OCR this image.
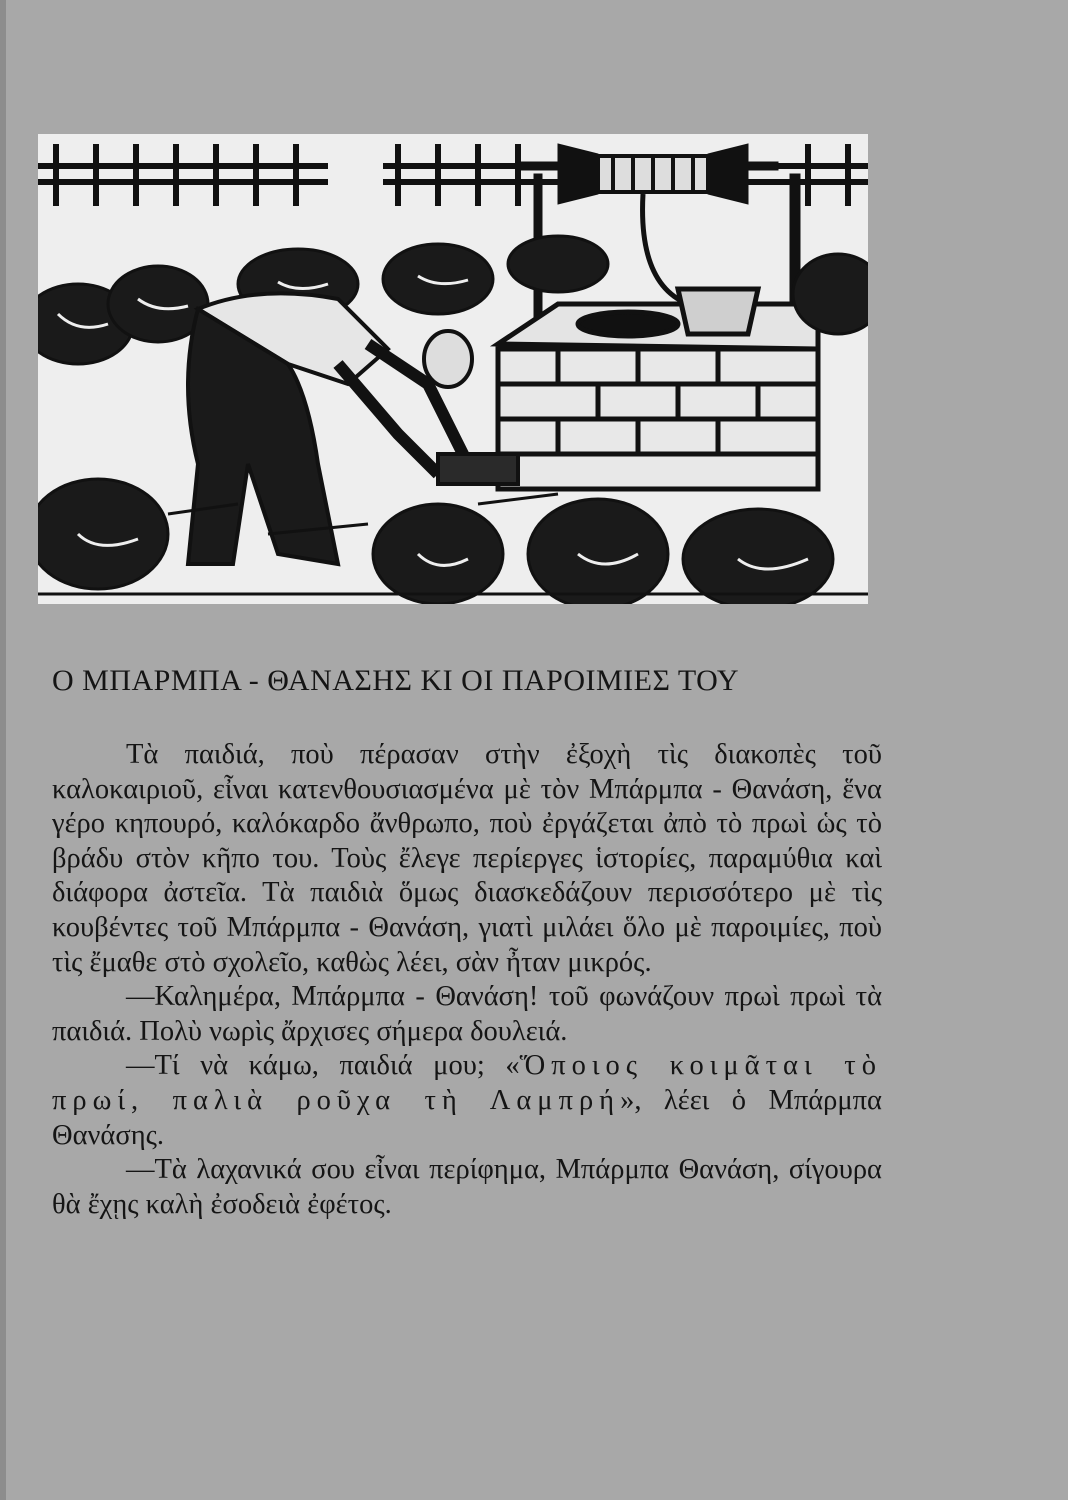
Ο ΜΠΑΡΜΠΑ - ΘΑΝΑΣΗΣ ΚΙ ΟΙ ΠΑΡΟΙΜΙΕΣ ΤΟΥ

Τὰ παιδιά, ποὺ πέρασαν στὴν ἐξοχὴ τὶς διακοπὲς τοῦ καλοκαιριοῦ, εἶναι κατενθουσιασμένα μὲ τὸν Μπάρμπα - Θανάση, ἕνα γέρο κηπουρό, καλόκαρδο ἄνθρωπο, ποὺ ἐργάζεται ἀπὸ τὸ πρωὶ ὡς τὸ βράδυ στὸν κῆπο του. Τοὺς ἔλεγε περίεργες ἱστορίες, παραμύθια καὶ διάφορα ἀστεῖα. Τὰ παιδιὰ ὅμως διασκεδάζουν περισσότερο μὲ τὶς κουβέντες τοῦ Μπάρμπα - Θανάση, γιατὶ μιλάει ὅλο μὲ παροιμίες, ποὺ τὶς ἔμαθε στὸ σχολεῖο, καθὼς λέει, σὰν ἦταν μικρός.

—Καλημέρα, Μπάρμπα - Θανάση! τοῦ φωνάζουν πρωὶ πρωὶ τὰ παιδιά. Πολὺ νωρὶς ἄρχισες σήμερα δουλειά.

—Τί νὰ κάμω, παιδιά μου; «Ὅποιος κοιμᾶται τὸ πρωί, παλιὰ ροῦχα τὴ Λαμπρή», λέει ὁ Μπάρμπα Θανάσης.

—Τὰ λαχανικά σου εἶναι περίφημα, Μπάρμπα Θανάση, σίγουρα θὰ ἔχῃς καλὴ ἐσοδειὰ ἐφέτος.
